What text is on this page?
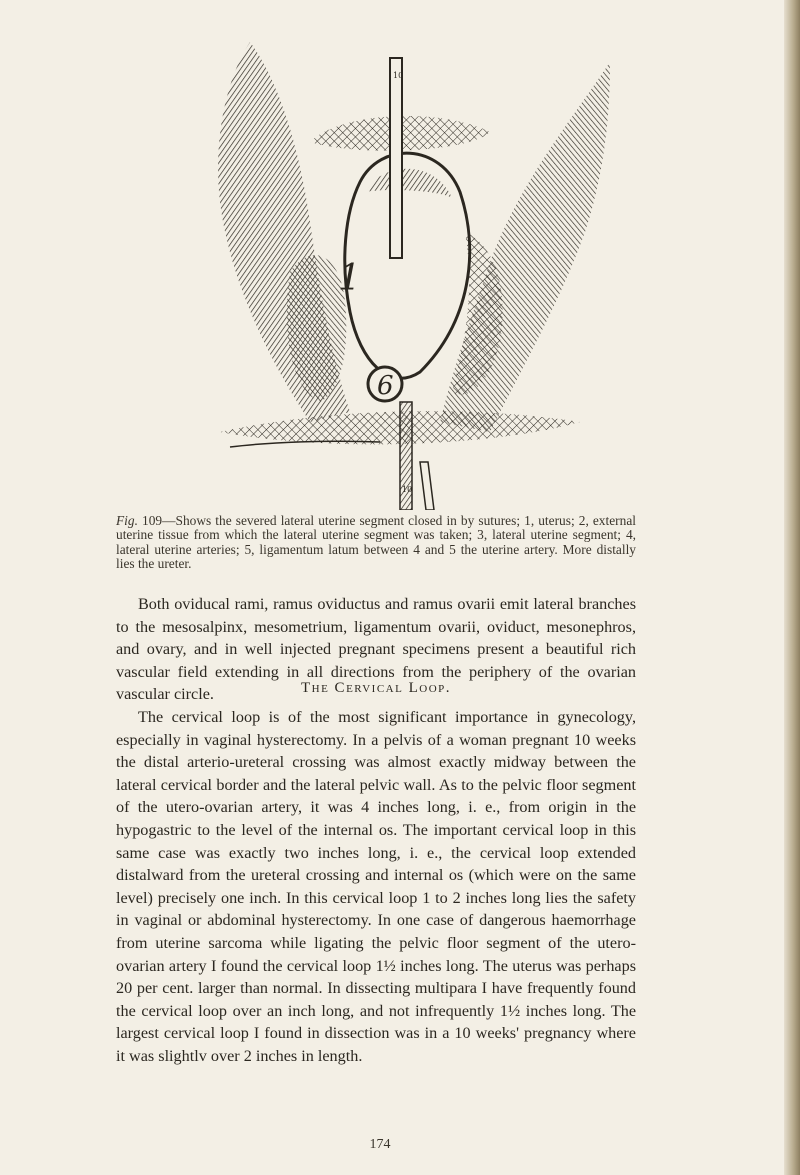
6
1
10
10
Fig. 109—Shows the severed lateral uterine segment closed in by sutures; 1, uterus; 2, external uterine tissue from which the lateral uterine segment was taken; 3, lateral uterine segment; 4, lateral uterine arteries; 5, ligamentum latum between 4 and 5 the uterine artery. More distally lies the ureter.
Both oviducal rami, ramus oviductus and ramus ovarii emit lateral branches to the mesosalpinx, mesometrium, ligamentum ovarii, oviduct, mesonephros, and ovary, and in well injected pregnant specimens present a beautiful rich vascular field extending in all directions from the periphery of the ovarian vascular circle.	The Cervical Loop.
The cervical loop is of the most significant importance in gynecology, especially in vaginal hysterectomy. In a pelvis of a woman pregnant 10 weeks the distal arterio-ureteral crossing was almost exactly midway between the lateral cervical border and the lateral pelvic wall. As to the pelvic floor segment of the utero-ovarian artery, it was 4 inches long, i. e., from origin in the hypogastric to the level of the internal os. The important cervical loop in this same case was exactly two inches long, i. e., the cervical loop extended distalward from the ureteral crossing and internal os (which were on the same level) precisely one inch. In this cervical loop 1 to 2 inches long lies the safety in vaginal or abdominal hysterectomy. In one case of dangerous haemorrhage from uterine sarcoma while ligating the pelvic floor segment of the utero-ovarian artery I found the cervical loop 1½ inches long. The uterus was perhaps 20 per cent. larger than normal. In dissecting multipara I have frequently found the cervical loop over an inch long, and not infrequently 1½ inches long. The largest cervical loop I found in dissection was in a 10 weeks' pregnancy where it was slightlv over 2 inches in length.
174
